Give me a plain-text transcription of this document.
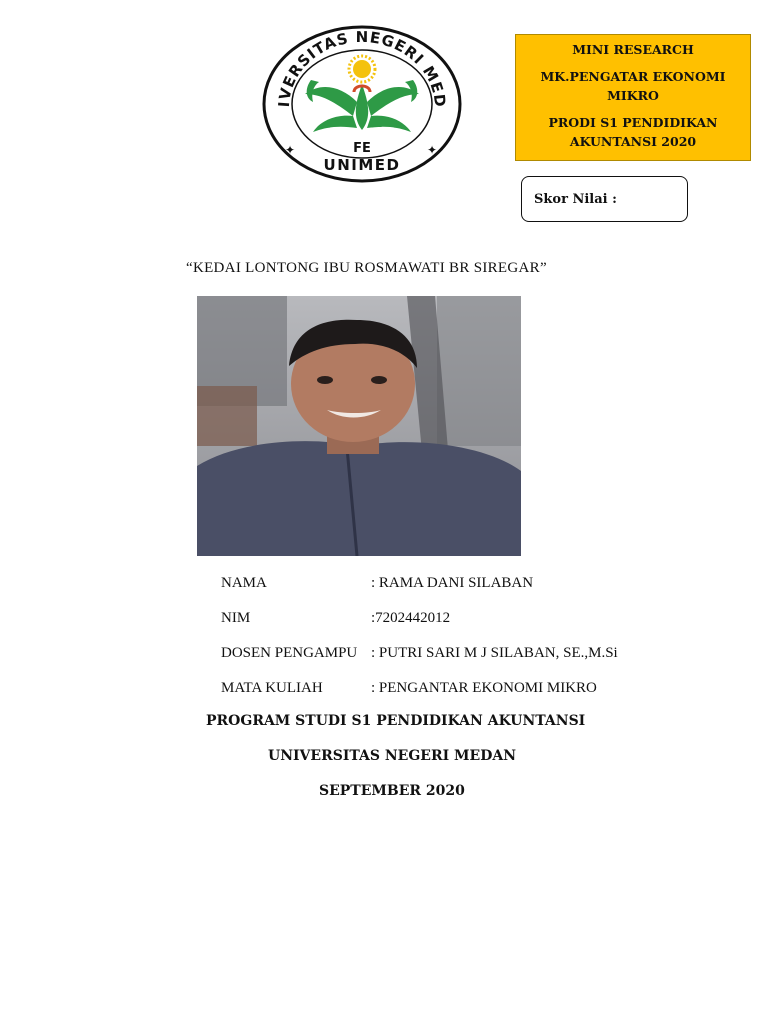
IVERSITAS NEGERI MED
FE
UNIMED
✦	✦
MINI RESEARCH
MK.PENGATAR EKONOMI
MIKRO
PRODI S1 PENDIDIKAN
AKUNTANSI 2020
Skor Nilai :
“KEDAI LONTONG IBU ROSMAWATI BR SIREGAR”
NAMA	: RAMA DANI SILABAN
NIM	:7202442012
DOSEN PENGAMPU : PUTRI SARI M J SILABAN, SE.,M.Si
MATA KULIAH	: PENGANTAR EKONOMI MIKRO
PROGRAM STUDI S1 PENDIDIKAN AKUNTANSI
UNIVERSITAS NEGERI MEDAN
SEPTEMBER 2020
